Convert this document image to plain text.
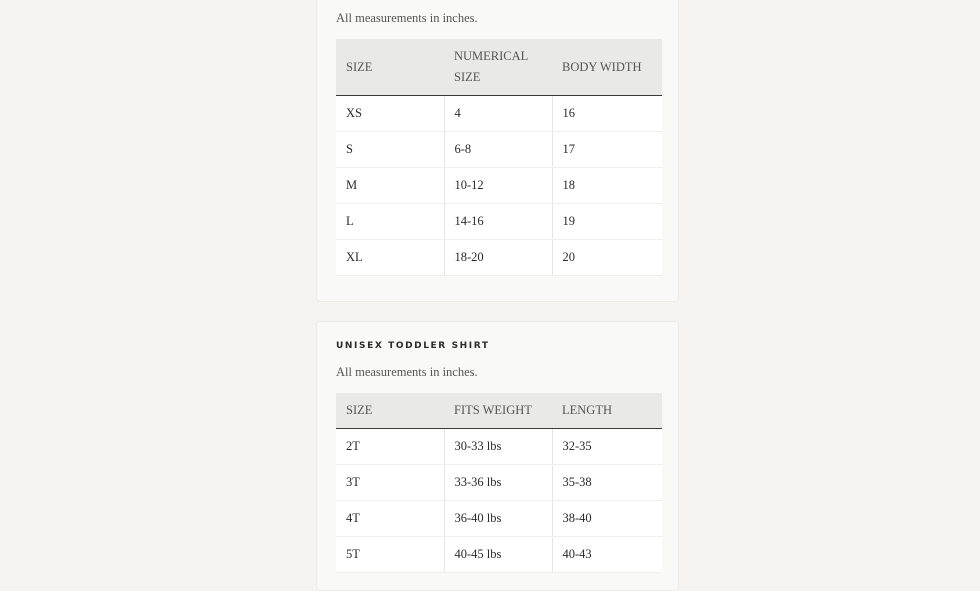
All measurements in inches.
SIZE	NUMERICAL SIZE	BODY WIDTH
XS	4	16
S	6-8	17
M	10-12	18
L	14-16	19
XL	18-20	20
UNISEX TODDLER SHIRT
All measurements in inches.
SIZE	FITS WEIGHT	LENGTH
2T	30-33 lbs	32-35
3T	33-36 lbs	35-38
4T	36-40 lbs	38-40
5T	40-45 lbs	40-43
